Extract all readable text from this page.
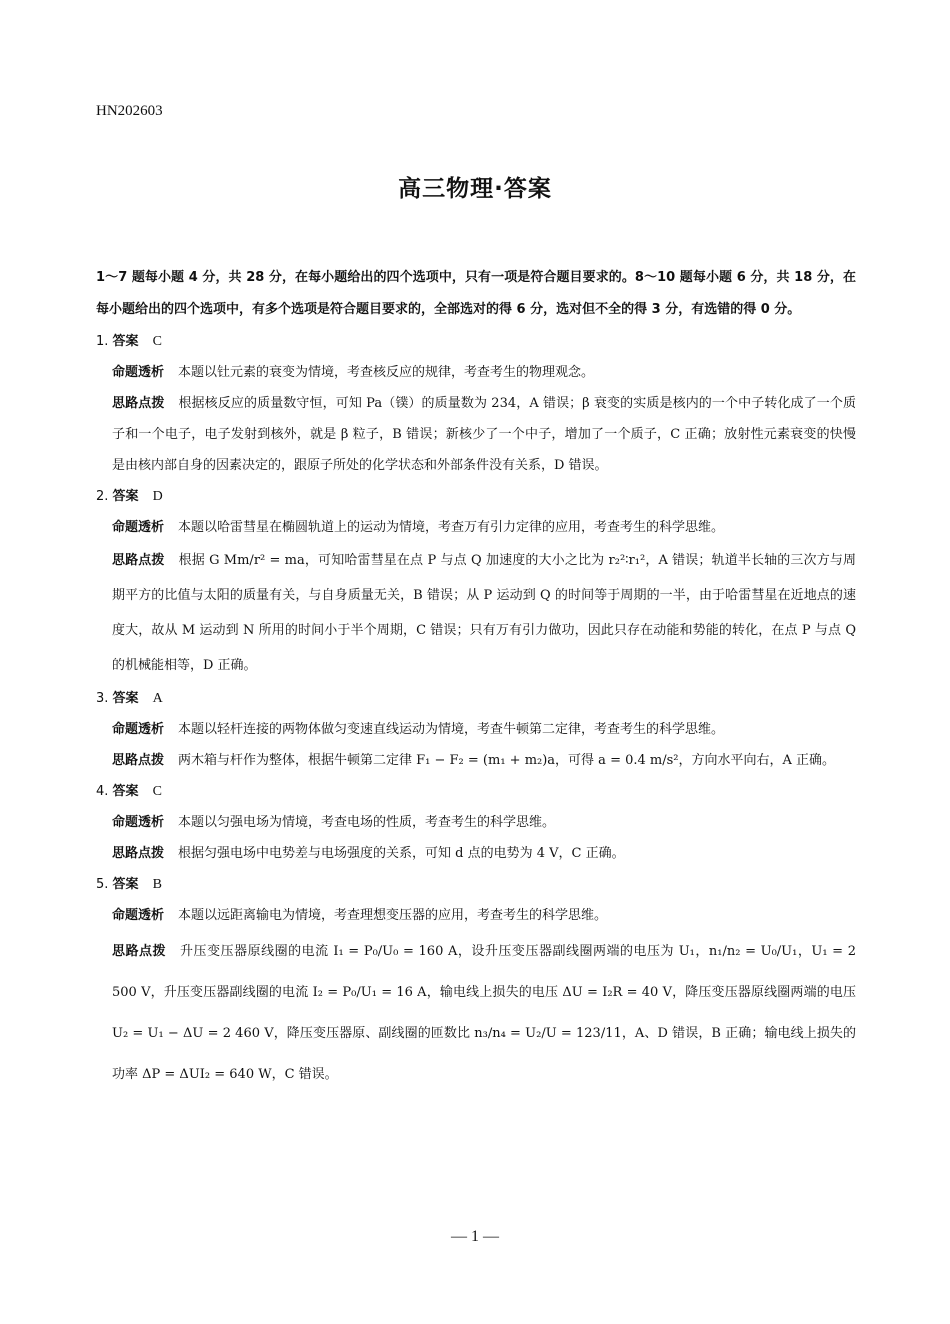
HN202603
高三物理·答案
1～7 题每小题 4 分，共 28 分，在每小题给出的四个选项中，只有一项是符合题目要求的。8～10 题每小题 6 分，共 18 分，在每小题给出的四个选项中，有多个选项是符合题目要求的，全部选对的得 6 分，选对但不全的得 3 分，有选错的得 0 分。
1. 答案 C
命题透析 本题以钍元素的衰变为情境，考查核反应的规律，考查考生的物理观念。
思路点拨 根据核反应的质量数守恒，可知 Pa（镤）的质量数为 234，A 错误；β 衰变的实质是核内的一个中子转化成了一个质子和一个电子，电子发射到核外，就是 β 粒子，B 错误；新核少了一个中子，增加了一个质子，C 正确；放射性元素衰变的快慢是由核内部自身的因素决定的，跟原子所处的化学状态和外部条件没有关系，D 错误。
2. 答案 D
命题透析 本题以哈雷彗星在椭圆轨道上的运动为情境，考查万有引力定律的应用，考查考生的科学思维。
思路点拨 根据 G Mm/r² = ma，可知哈雷彗星在点 P 与点 Q 加速度的大小之比为 r₂²∶r₁²，A 错误；轨道半长轴的三次方与周期平方的比值与太阳的质量有关，与自身质量无关，B 错误；从 P 运动到 Q 的时间等于周期的一半，由于哈雷彗星在近地点的速度大，故从 M 运动到 N 所用的时间小于半个周期，C 错误；只有万有引力做功，因此只存在动能和势能的转化，在点 P 与点 Q 的机械能相等，D 正确。
3. 答案 A
命题透析 本题以轻杆连接的两物体做匀变速直线运动为情境，考查牛顿第二定律，考查考生的科学思维。
思路点拨 两木箱与杆作为整体，根据牛顿第二定律 F₁ − F₂ = (m₁ + m₂)a，可得 a = 0.4 m/s²，方向水平向右，A 正确。
4. 答案 C
命题透析 本题以匀强电场为情境，考查电场的性质，考查考生的科学思维。
思路点拨 根据匀强电场中电势差与电场强度的关系，可知 d 点的电势为 4 V，C 正确。
5. 答案 B
命题透析 本题以远距离输电为情境，考查理想变压器的应用，考查考生的科学思维。
思路点拨 升压变压器原线圈的电流 I₁ = P₀/U₀ = 160 A，设升压变压器副线圈两端的电压为 U₁，n₁/n₂ = U₀/U₁，U₁ = 2 500 V，升压变压器副线圈的电流 I₂ = P₀/U₁ = 16 A，输电线上损失的电压 ΔU = I₂R = 40 V，降压变压器原线圈两端的电压 U₂ = U₁ − ΔU = 2 460 V，降压变压器原、副线圈的匝数比 n₃/n₄ = U₂/U = 123/11，A、D 错误，B 正确；输电线上损失的功率 ΔP = ΔUI₂ = 640 W，C 错误。
— 1 —
